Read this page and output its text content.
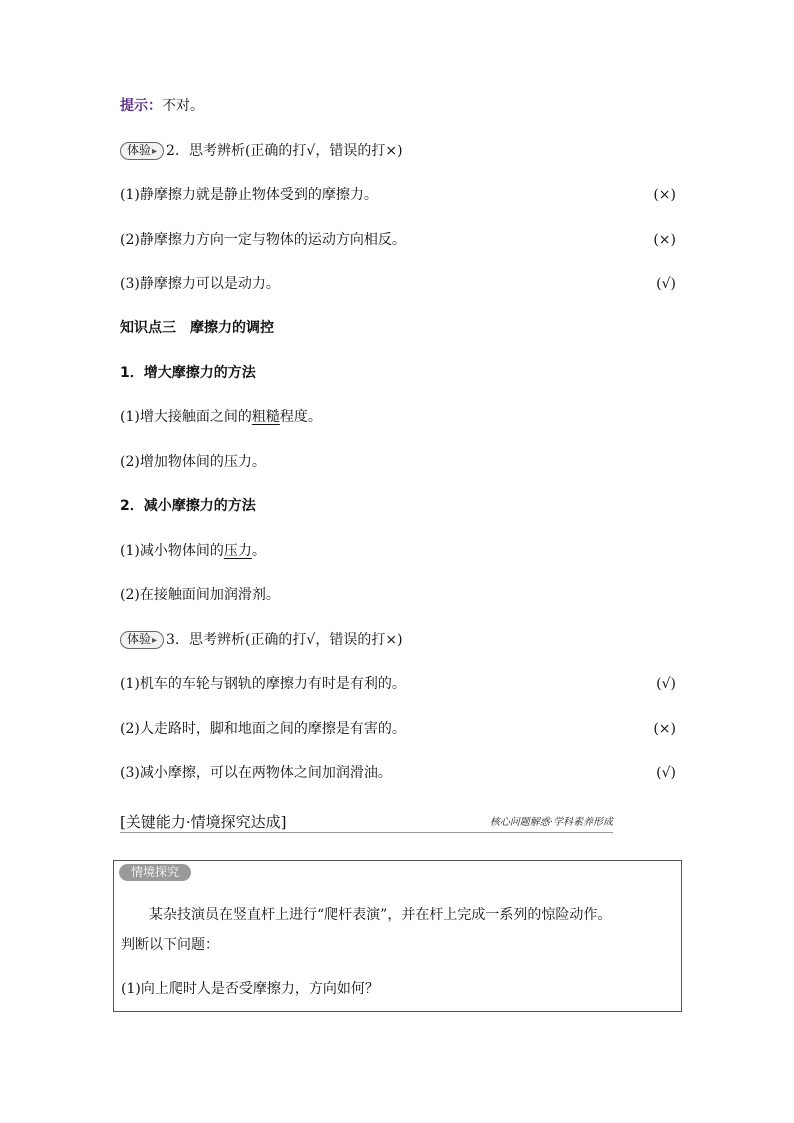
提示：不对。
体验 ▸ 2．思考辨析(正确的打√，错误的打×)
(1)静摩擦力就是静止物体受到的摩擦力。	(×)
(2)静摩擦力方向一定与物体的运动方向相反。	(×)
(3)静摩擦力可以是动力。	(√)
知识点三　摩擦力的调控
1．增大摩擦力的方法
(1)增大接触面之间的粗糙程度。
(2)增加物体间的压力。
2．减小摩擦力的方法
(1)减小物体间的压力。
(2)在接触面间加润滑剂。
体验 ▸ 3．思考辨析(正确的打√，错误的打×)
(1)机车的车轮与钢轨的摩擦力有时是有利的。	(√)
(2)人走路时，脚和地面之间的摩擦是有害的。	(×)
(3)减小摩擦，可以在两物体之间加润滑油。	(√)
[关键能力·情境探究达成]	核心问题解惑·学科素养形成
情境探究
某杂技演员在竖直杆上进行“爬杆表演”，并在杆上完成一系列的惊险动作。
判断以下问题：
(1)向上爬时人是否受摩擦力，方向如何？
